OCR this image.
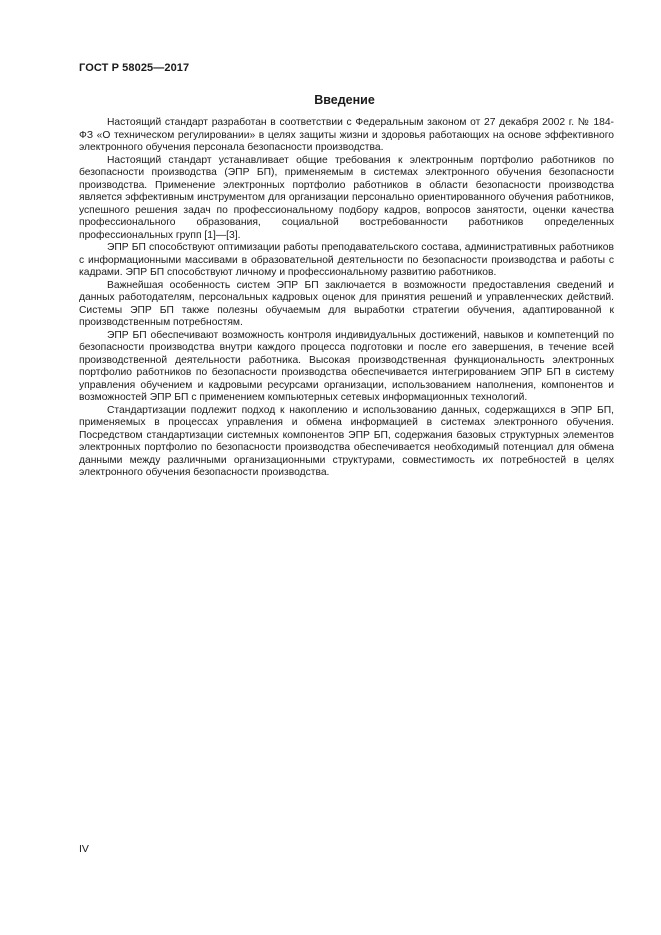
ГОСТ Р 58025—2017
Введение

Настоящий стандарт разработан в соответствии с Федеральным законом от 27 декабря 2002 г. № 184-ФЗ «О техническом регулировании» в целях защиты жизни и здоровья работающих на основе эффективного электронного обучения персонала безопасности производства.

Настоящий стандарт устанавливает общие требования к электронным портфолио работников по безопасности производства (ЭПР БП), применяемым в системах электронного обучения безопасности производства. Применение электронных портфолио работников в области безопасности производства является эффективным инструментом для организации персонально ориентированного обучения работников, успешного решения задач по профессиональному подбору кадров, вопросов занятости, оценки качества профессионального образования, социальной востребованности работников определенных профессиональных групп [1]—[3].

ЭПР БП способствуют оптимизации работы преподавательского состава, административных работников с информационными массивами в образовательной деятельности по безопасности производства и работы с кадрами. ЭПР БП способствуют личному и профессиональному развитию работников.

Важнейшая особенность систем ЭПР БП заключается в возможности предоставления сведений и данных работодателям, персональных кадровых оценок для принятия решений и управленческих действий. Системы ЭПР БП также полезны обучаемым для выработки стратегии обучения, адаптированной к производственным потребностям.

ЭПР БП обеспечивают возможность контроля индивидуальных достижений, навыков и компетенций по безопасности производства внутри каждого процесса подготовки и после его завершения, в течение всей производственной деятельности работника. Высокая производственная функциональность электронных портфолио работников по безопасности производства обеспечивается интегрированием ЭПР БП в систему управления обучением и кадровыми ресурсами организации, использованием наполнения, компонентов и возможностей ЭПР БП с применением компьютерных сетевых информационных технологий.

Стандартизации подлежит подход к накоплению и использованию данных, содержащихся в ЭПР БП, применяемых в процессах управления и обмена информацией в системах электронного обучения. Посредством стандартизации системных компонентов ЭПР БП, содержания базовых структурных элементов электронных портфолио по безопасности производства обеспечивается необходимый потенциал для обмена данными между различными организационными структурами, совместимость их потребностей в целях электронного обучения безопасности производства.

IV
